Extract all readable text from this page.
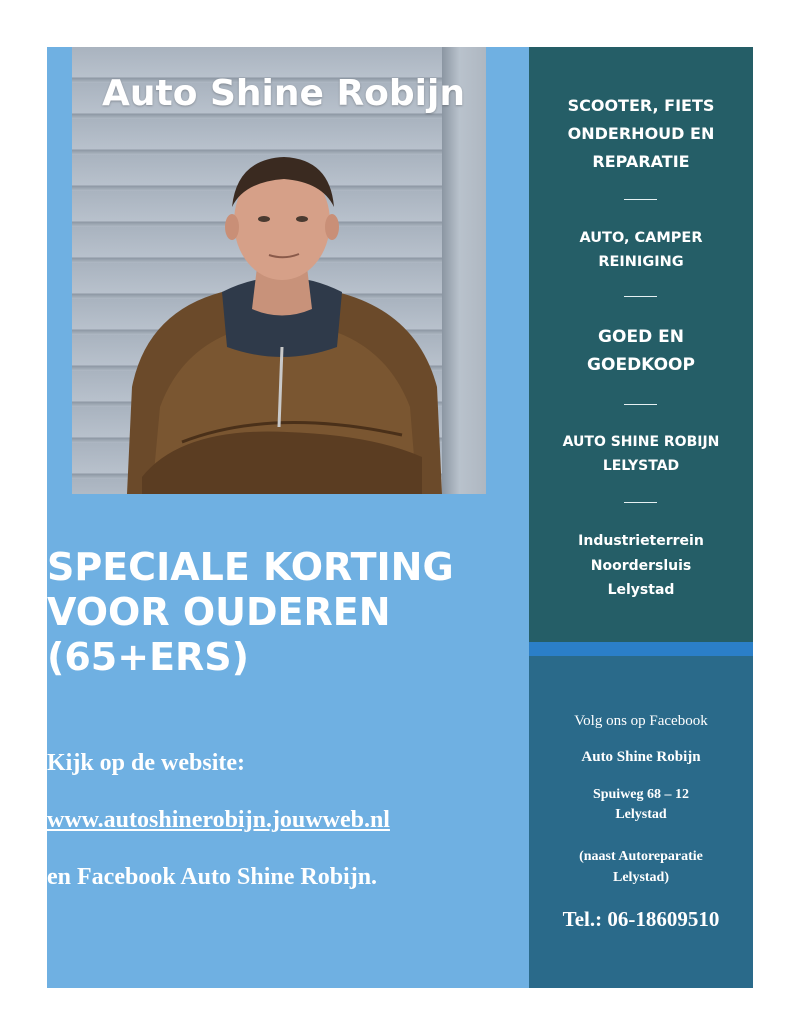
Auto Shine Robijn
SPECIALE KORTING
VOOR OUDEREN
(65+ERS)
Kijk op de website:
www.autoshinerobijn.jouwweb.nl
en Facebook Auto Shine Robijn.
SCOOTER, FIETS
ONDERHOUD EN
REPARATIE
AUTO, CAMPER
REINIGING
GOED EN
GOEDKOOP
AUTO SHINE ROBIJN
LELYSTAD
Industrieterrein
Noordersluis
Lelystad
Volg ons op Facebook
Auto Shine Robijn
Spuiweg 68 – 12
Lelystad
(naast Autoreparatie
Lelystad)
Tel.: 06-18609510
